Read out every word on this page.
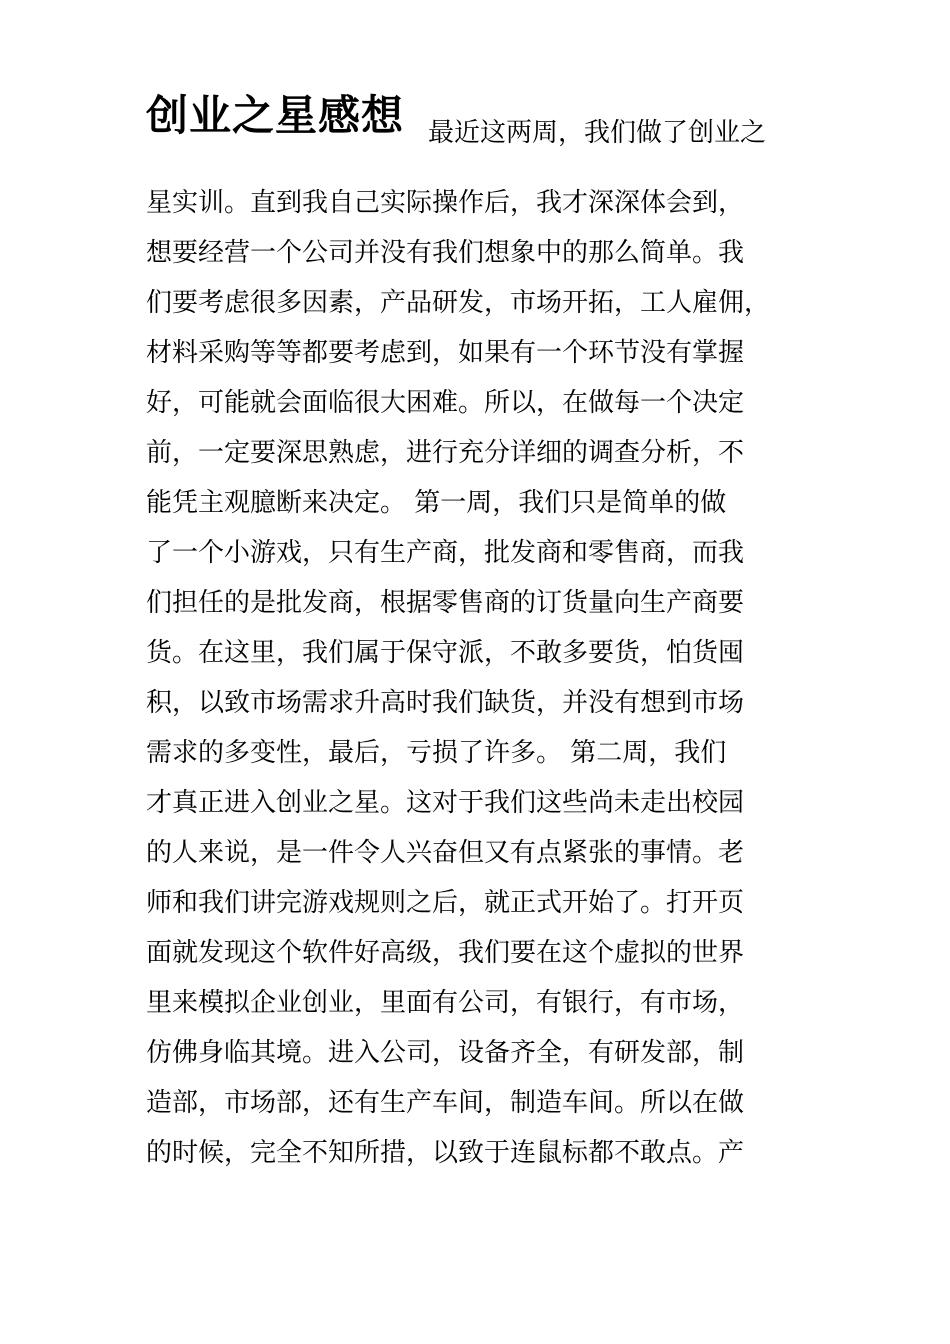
创业之星感想 最近这两周，我们做了创业之
星实训。直到我自己实际操作后，我才深深体会到，
想要经营一个公司并没有我们想象中的那么简单。我
们要考虑很多因素，产品研发，市场开拓，工人雇佣，
材料采购等等都要考虑到，如果有一个环节没有掌握
好，可能就会面临很大困难。所以，在做每一个决定
前，一定要深思熟虑，进行充分详细的调查分析，不
能凭主观臆断来决定。 第一周，我们只是简单的做
了一个小游戏，只有生产商，批发商和零售商，而我
们担任的是批发商，根据零售商的订货量向生产商要
货。在这里，我们属于保守派，不敢多要货，怕货囤
积，以致市场需求升高时我们缺货，并没有想到市场
需求的多变性，最后，亏损了许多。 第二周，我们
才真正进入创业之星。这对于我们这些尚未走出校园
的人来说，是一件令人兴奋但又有点紧张的事情。老
师和我们讲完游戏规则之后，就正式开始了。打开页
面就发现这个软件好高级，我们要在这个虚拟的世界
里来模拟企业创业，里面有公司，有银行，有市场，
仿佛身临其境。进入公司，设备齐全，有研发部，制
造部，市场部，还有生产车间，制造车间。所以在做
的时候，完全不知所措，以致于连鼠标都不敢点。产
